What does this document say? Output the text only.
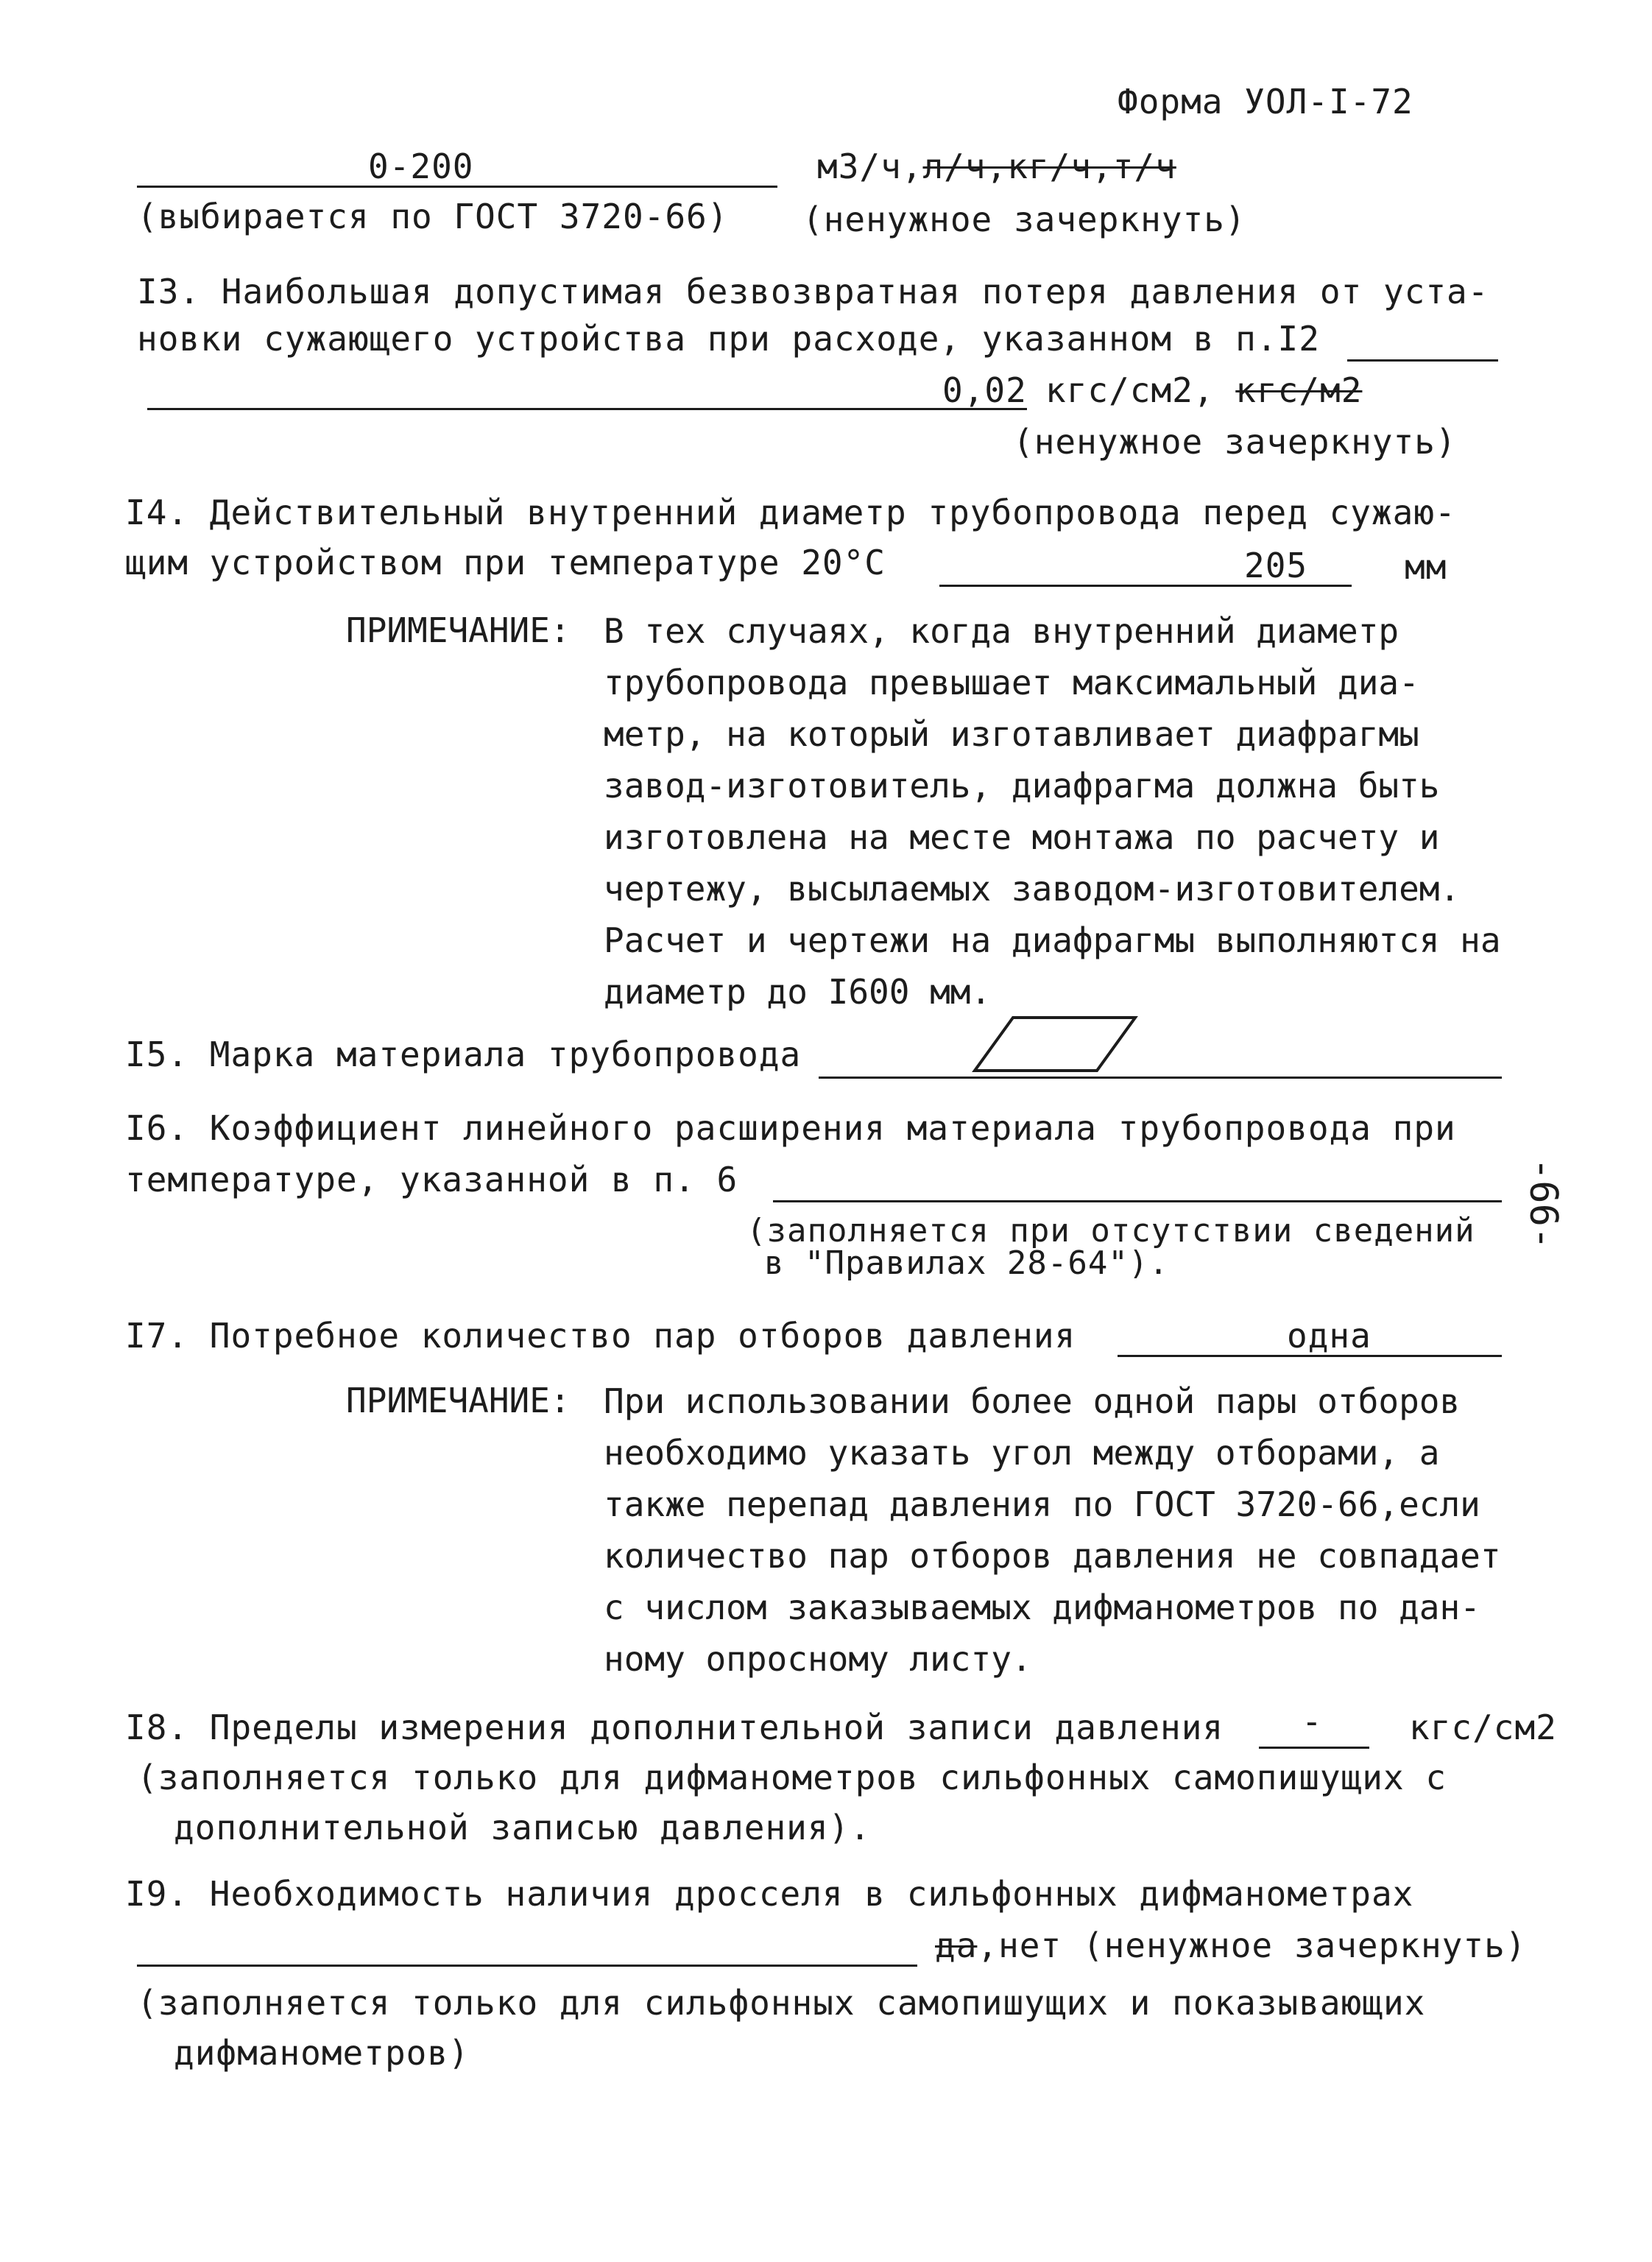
Форма УОЛ-I-72
0-200	м3/ч,л/ч,кг/ч,т/ч
(выбирается по ГОСТ 3720-66) (ненужное зачеркнуть)
I3. Наибольшая допустимая безвозвратная потеря давления от уста-
новки сужающего устройства при расходе, указанном в п.I2
0,02 кгс/см2, кгс/м2
(ненужное зачеркнуть)
I4. Действительный внутренний диаметр трубопровода перед сужаю-
щим устройством при температуре 20°С	205	мм
ПРИМЕЧАНИЕ: В тех случаях, когда внутренний диаметр
трубопровода превышает максимальный диа-
метр, на который изготавливает диафрагмы
завод-изготовитель, диафрагма должна быть
изготовлена на месте монтажа по расчету и
чертежу, высылаемых заводом-изготовителем.
Расчет и чертежи на диафрагмы выполняются на
диаметр до I600 мм.
I5. Марка материала трубопровода
I6. Коэффициент линейного расширения материала трубопровода при
температуре, указанной в п. 6
(заполняется при отсутствии сведений
в "Правилах 28-64").
-66-
I7. Потребное количество пар отборов давления	одна
ПРИМЕЧАНИЕ: При использовании более одной пары отборов
необходимо указать угол между отборами, а
также перепад давления по ГОСТ 3720-66,если
количество пар отборов давления не совпадает
с числом заказываемых дифманометров по дан-
ному опросному листу.
I8. Пределы измерения дополнительной записи давления -	кгс/см2
(заполняется только для дифманометров сильфонных самопишущих с
дополнительной записью давления).
I9. Необходимость наличия дросселя в сильфонных дифманометрах
да,нет (ненужное зачеркнуть)
(заполняется только для сильфонных самопишущих и показывающих
дифманометров)
